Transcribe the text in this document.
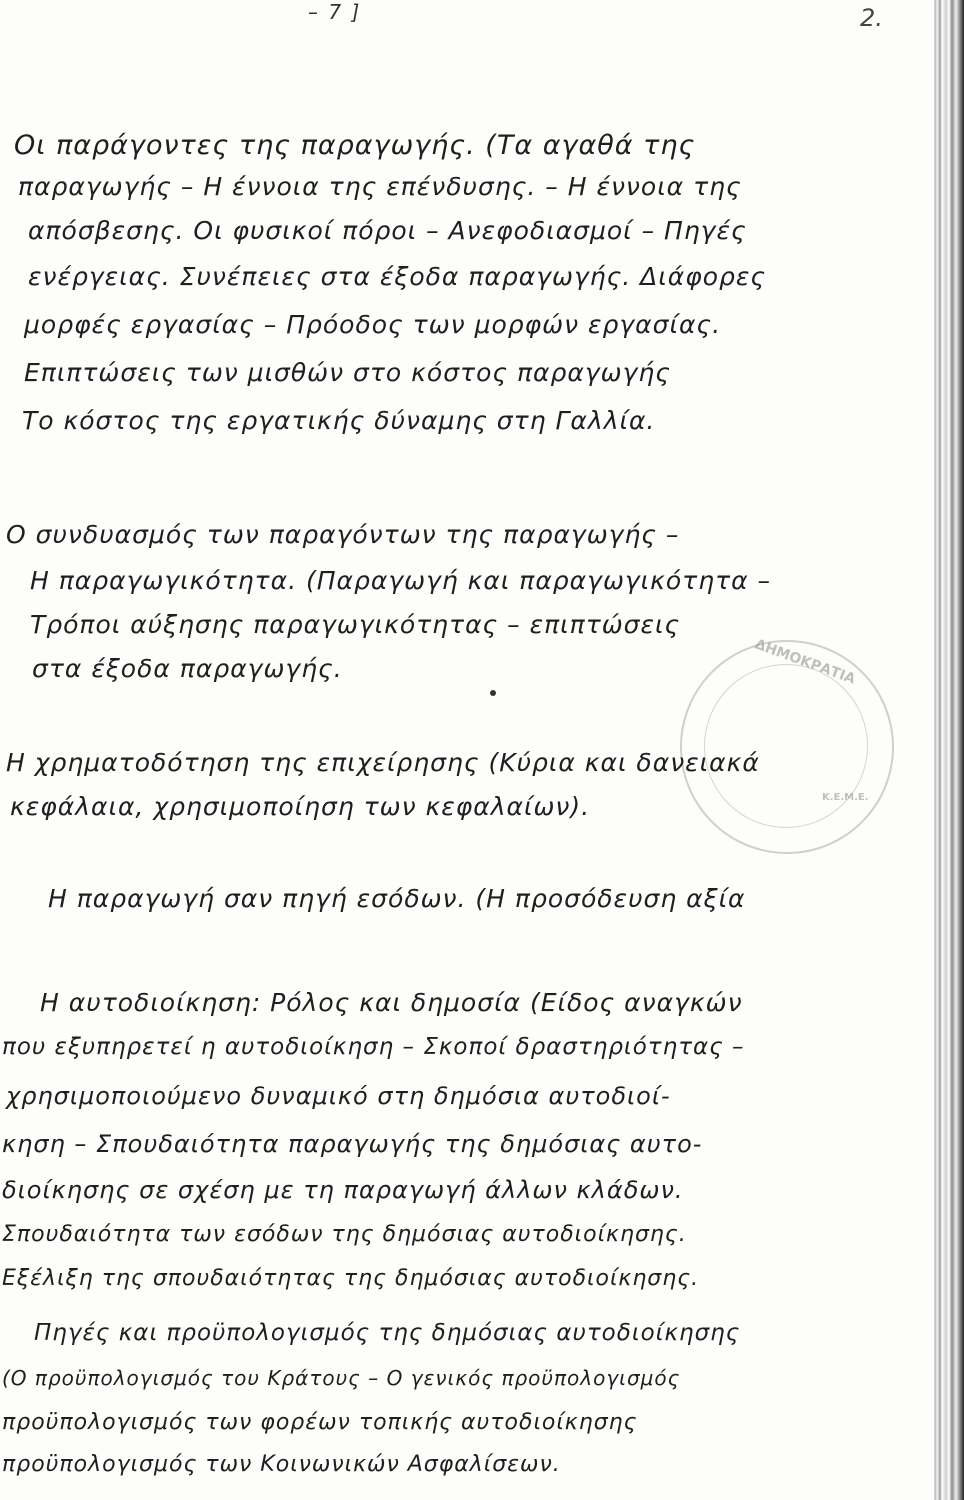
– 7 ]	2.
ΔΗΜΟΚΡΑΤΙΑ
Κ.Ε.Μ.Ε.
Οι παράγοντες της παραγωγής. (Τα αγαθά της
παραγωγής – Η έννοια της επένδυσης. – Η έννοια της
απόσβεσης. Οι φυσικοί πόροι – Ανεφοδιασμοί – Πηγές
ενέργειας. Συνέπειες στα έξοδα παραγωγής. Διάφορες
μορφές εργασίας – Πρόοδος των μορφών εργασίας.
Επιπτώσεις των μισθών στο κόστος παραγωγής
Το κόστος της εργατικής δύναμης στη Γαλλία.
Ο συνδυασμός των παραγόντων της παραγωγής –
Η παραγωγικότητα. (Παραγωγή και παραγωγικότητα –
Τρόποι αύξησης παραγωγικότητας – επιπτώσεις
στα έξοδα παραγωγής.
Η χρηματοδότηση της επιχείρησης (Κύρια και δανειακά
κεφάλαια, χρησιμοποίηση των κεφαλαίων).
Η παραγωγή σαν πηγή εσόδων. (Η προσόδευση αξία
Η αυτοδιοίκηση: Ρόλος και δημοσία (Είδος αναγκών
που εξυπηρετεί η αυτοδιοίκηση – Σκοποί δραστηριότητας –
χρησιμοποιούμενο δυναμικό στη δημόσια αυτοδιοί-
κηση – Σπουδαιότητα παραγωγής της δημόσιας αυτο-
διοίκησης σε σχέση με τη παραγωγή άλλων κλάδων.
Σπουδαιότητα των εσόδων της δημόσιας αυτοδιοίκησης.
Εξέλιξη της σπουδαιότητας της δημόσιας αυτοδιοίκησης.
Πηγές και προϋπολογισμός της δημόσιας αυτοδιοίκησης
(Ο προϋπολογισμός του Κράτους – Ο γενικός προϋπολογισμός
προϋπολογισμός των φορέων τοπικής αυτοδιοίκησης
προϋπολογισμός των Κοινωνικών Ασφαλίσεων.
